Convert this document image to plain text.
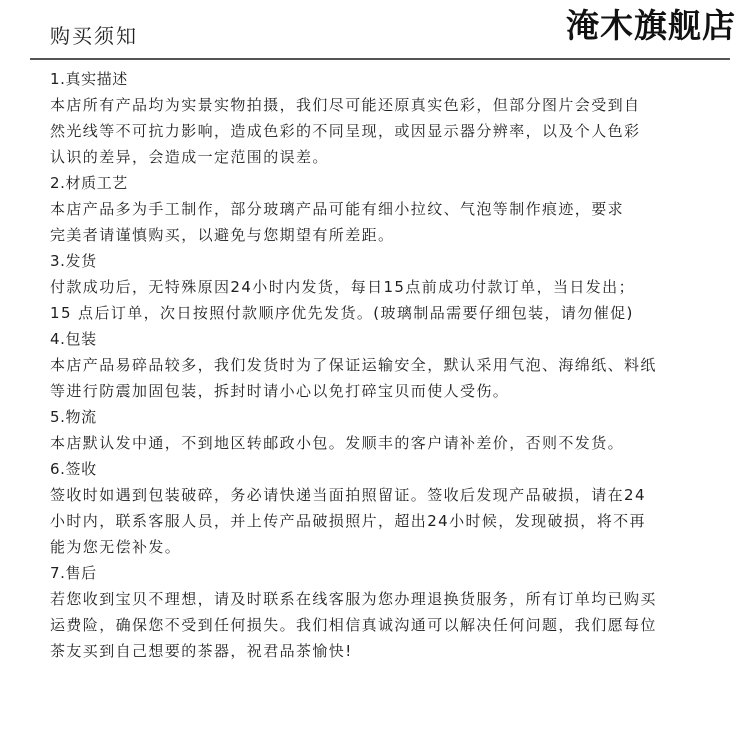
淹木旗舰店
购买须知
1.真实描述
本店所有产品均为实景实物拍摄，我们尽可能还原真实色彩，但部分图片会受到自
然光线等不可抗力影响，造成色彩的不同呈现，或因显示器分辨率，以及个人色彩
认识的差异，会造成一定范围的误差。
2.材质工艺
本店产品多为手工制作，部分玻璃产品可能有细小拉纹、气泡等制作痕迹，要求
完美者请谨慎购买，以避免与您期望有所差距。
3.发货
付款成功后，无特殊原因24小时内发货，每日15点前成功付款订单，当日发出；
15 点后订单，次日按照付款顺序优先发货。(玻璃制品需要仔细包装，请勿催促)
4.包装
本店产品易碎品较多，我们发货时为了保证运输安全，默认采用气泡、海绵纸、料纸
等进行防震加固包装，拆封时请小心以免打碎宝贝而使人受伤。
5.物流
本店默认发中通，不到地区转邮政小包。发顺丰的客户请补差价，否则不发货。
6.签收
签收时如遇到包装破碎，务必请快递当面拍照留证。签收后发现产品破损，请在24
小时内，联系客服人员，并上传产品破损照片，超出24小时候，发现破损，将不再
能为您无偿补发。
7.售后
若您收到宝贝不理想，请及时联系在线客服为您办理退换货服务，所有订单均已购买
运费险，确保您不受到任何损失。我们相信真诚沟通可以解决任何问题，我们愿每位
茶友买到自己想要的茶器，祝君品茶愉快!
